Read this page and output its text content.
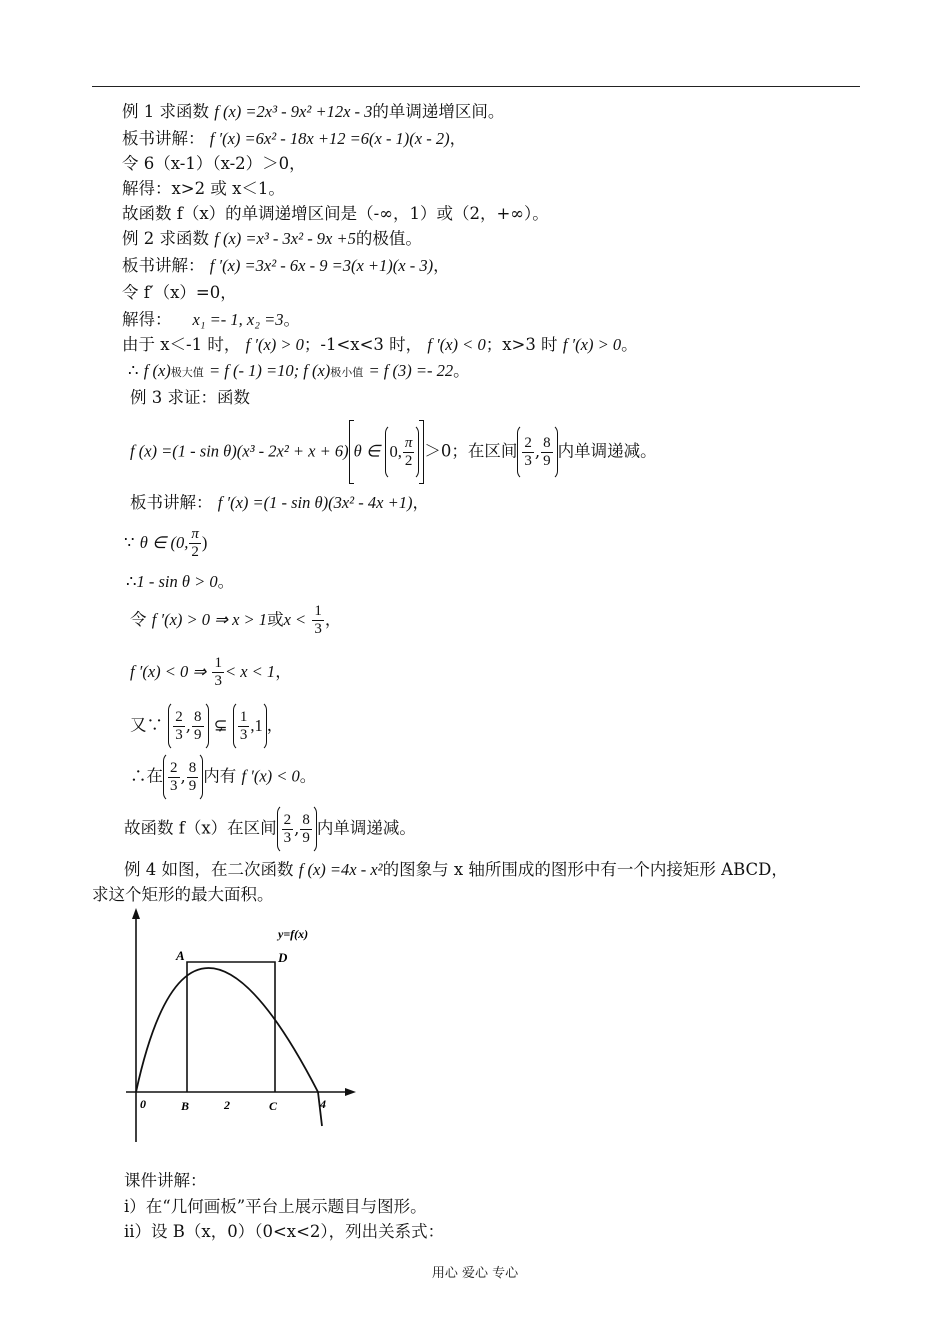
例 1 求函数 f (x) =2x³ - 9x² +12x - 3的单调递增区间。
板书讲解： f ′(x) =6x² - 18x +12 =6(x - 1)(x - 2)，
令 6（x-1）（x-2）＞0，
解得：x>2 或 x＜1。
故函数 f（x）的单调递增区间是（-∞，1）或（2，+∞）。
例 2 求函数 f (x) =x³ - 3x² - 9x +5的极值。
板书讲解： f ′(x) =3x² - 6x - 9 =3(x +1)(x - 3)，
令 f′（x）=0，
解得： x₁ =- 1, x₂ =3。
由于 x＜-1 时， f ′(x) > 0；-1<x<3 时， f ′(x) < 0；x>3 时 f ′(x) > 0。
∴ f (x)极大值 = f (- 1) =10; f (x)极小值 = f (3) =- 22。
例 3 求证：函数
f (x) =(1 - sin θ)(x³ - 2x² + x + 6) θ ∈ 0, $\frac{\pi}{2} >0$；在区间 $\frac{2}{3}$ , $\frac{8}{9}$ 内单调递减。
板书讲解： f ′(x) =(1 - sin θ)(3x² - 4x +1)，
∵ θ ∈ (0, $\frac{\pi}{2}$ )
∴1 - sin θ > 0。
令 f ′(x) > 0 ⇒ x > 1或$x < \frac{1}{3}$ ，
f ′(x) < 0 ⇒ $\frac{1}{3} < x < 1$，
又∵ $\frac{2}{3}$ , $\frac{8}{9}$ ⊊ $\frac{1}{3} ,1$ ，
∴在 $\frac{2}{3}$ , $\frac{8}{9}$ 内有 f ′(x) < 0。
故函数 f（x）在区间 $\frac{2}{3}$ , $\frac{8}{9}$ 内单调递减。
例 4 如图，在二次函数 f (x) =4x - x²的图象与 x 轴所围成的图形中有一个内接矩形 ABCD，
求这个矩形的最大面积。
y=f(x)
A	D
0	B	2	C	4
课件讲解：
i）在“几何画板”平台上展示题目与图形。
ii）设 B（x，0）（0<x<2），列出关系式：
用心 爱心 专心
